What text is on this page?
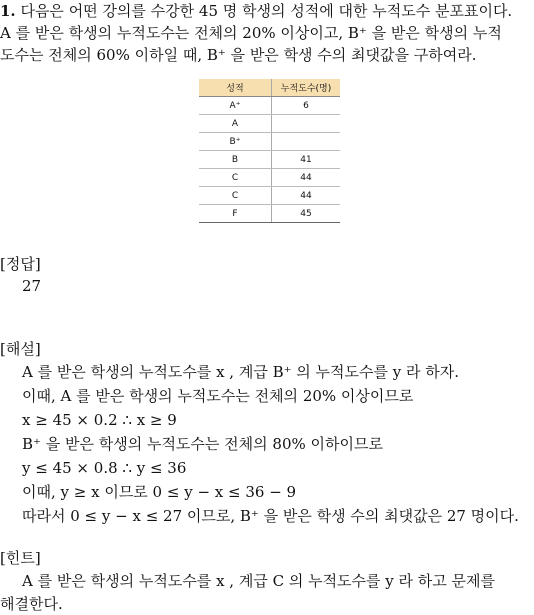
1. 다음은 어떤 강의를 수강한 45 명 학생의 성적에 대한 누적도수 분포표이다.
A 를 받은 학생의 누적도수는 전체의 20% 이상이고, B⁺ 을 받은 학생의 누적
도수는 전체의 60% 이하일 때, B⁺ 을 받은 학생 수의 최댓값을 구하여라.
성적	누적도수(명)
A⁺	6
A	
B⁺	
B	41
C	44
C	44
F	45
[정답]
27
[해설]
A 를 받은 학생의 누적도수를 x , 계급 B⁺ 의 누적도수를 y 라 하자.
이때, A 를 받은 학생의 누적도수는 전체의 20% 이상이므로
x ≥ 45 × 0.2 ∴ x ≥ 9
B⁺ 을 받은 학생의 누적도수는 전체의 80% 이하이므로
y ≤ 45 × 0.8 ∴ y ≤ 36
이때, y ≥ x 이므로 0 ≤ y − x ≤ 36 − 9
따라서 0 ≤ y − x ≤ 27 이므로, B⁺ 을 받은 학생 수의 최댓값은 27 명이다.
[힌트]
A 를 받은 학생의 누적도수를 x , 계급 C 의 누적도수를 y 라 하고 문제를
해결한다.
